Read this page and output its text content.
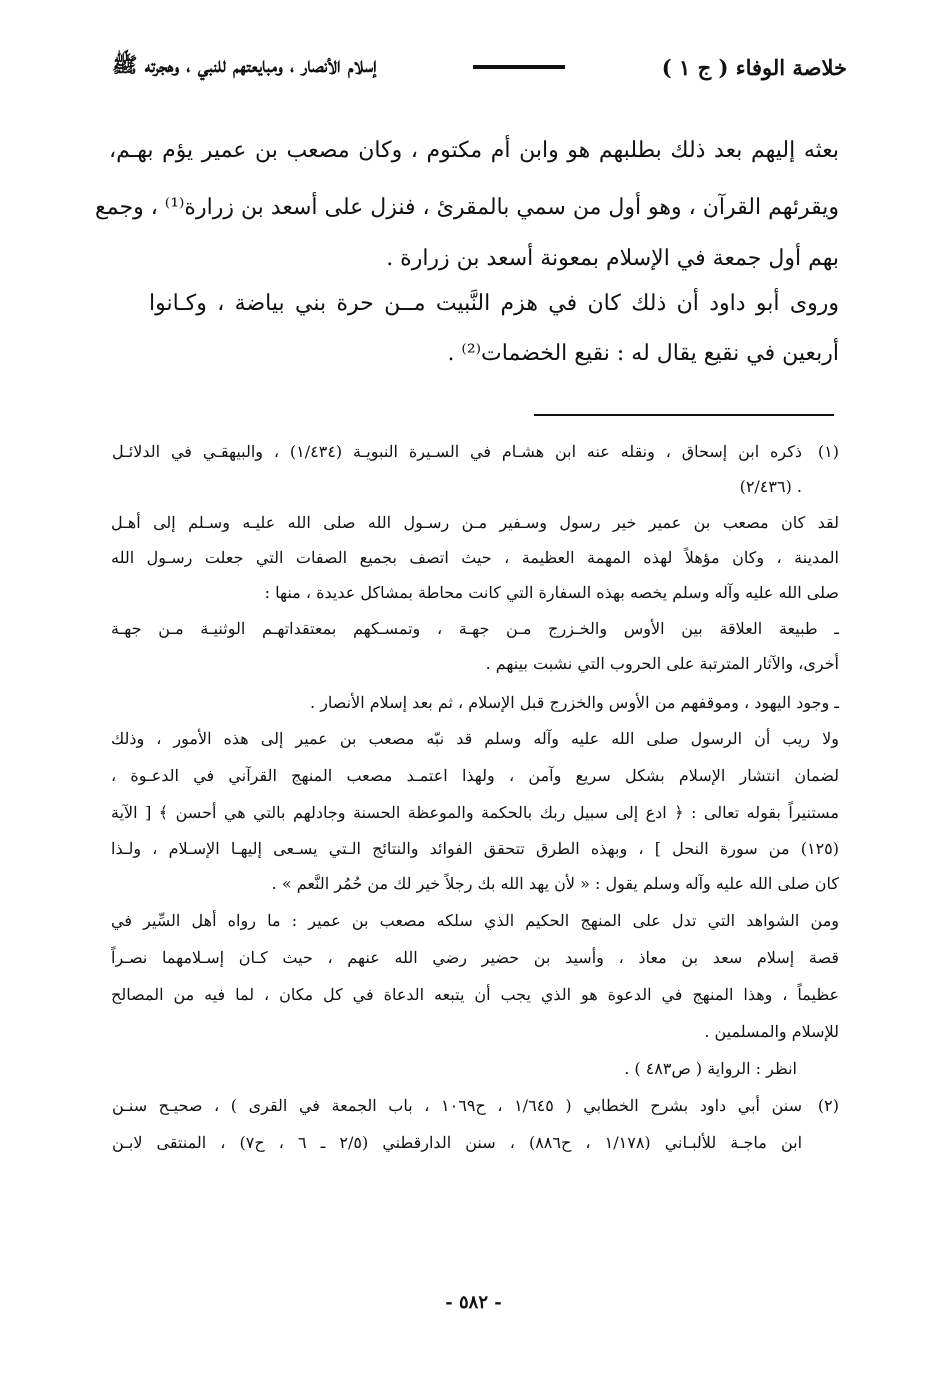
خلاصة الوفاء ( ج ١ )
إسلام الأنصار ، ومبايعتهم للنبي ، وهجرته ﷺ
بعثه إليهم بعد ذلك بطلبهم هو وابن أم مكتوم ، وكان مصعب بن عمير يؤم بهـم،
ويقرئهم القرآن ، وهو أول من سمي بالمقرئ ، فنزل على أسعد بن زرارة⁽¹⁾ ، وجمع
بهم أول جمعة في الإسلام بمعونة أسعد بن زرارة .
وروى أبو داود أن ذلك كان في هزم النَّبيت مــن حرة بني بياضة ، وكـانوا
أربعين في نقيع يقال له : نقيع الخضمات⁽²⁾ .
(١)
ذكره ابن إسحاق ، ونقله عنه ابن هشـام في السـيرة النبويـة (١/٤٣٤) ، والبيهقـي في الدلائـل
(٢/٤٣٦) .
لقد كان مصعب بن عمير خير رسول وسـفير مـن رسـول الله صلى الله عليـه وسـلم إلى أهـل
المدينة ، وكان مؤهلاً لهذه المهمة العظيمة ، حيث اتصف بجميع الصفات التي جعلت رسـول الله
صلى الله عليه وآله وسلم يخصه بهذه السفارة التي كانت محاطة بمشاكل عديدة ، منها :
ـ طبيعة العلاقة بين الأوس والخـزرج مـن جهـة ، وتمسـكهم بمعتقداتهـم الوثنيـة مـن جهـة
أخرى، والآثار المترتبة على الحروب التي نشبت بينهم .
ـ وجود اليهود ، وموقفهم من الأوس والخزرج قبل الإسلام ، ثم بعد إسلام الأنصار .
ولا ريب أن الرسول صلى الله عليه وآله وسلم قد نبّه مصعب بن عمير إلى هذه الأمور ، وذلك
لضمان انتشار الإسلام بشكل سريع وآمن ، ولهذا اعتمـد مصعب المنهج القرآني في الدعـوة ،
مستنيراً بقوله تعالى : ﴿ ادع إلى سبيل ربك بالحكمة والموعظة الحسنة وجادلهم بالتي هي أحسن ﴾ [ الآية
(١٢٥) من سورة النحل ] ، وبهذه الطرق تتحقق الفوائد والنتائج الـتي يسـعى إليهـا الإسـلام ، ولـذا
كان صلى الله عليه وآله وسلم يقول : « لأن يهد الله بك رجلاً خير لك من حُمُر النَّعم » .
ومن الشواهد التي تدل على المنهج الحكيم الذي سلكه مصعب بن عمير : ما رواه أهل السِّير في
قصة إسلام سعد بن معاذ ، وأسيد بن حضير رضي الله عنهم ، حيث كـان إسـلامهما نصـراً
عظيماً ، وهذا المنهج في الدعوة هو الذي يجب أن يتبعه الدعاة في كل مكان ، لما فيه من المصالح
للإسلام والمسلمين .
انظر : الرواية ( ص٤٨٣ ) .
(٢)
سنن أبي داود بشرح الخطابي ( ١/٦٤٥ ، ح١٠٦٩ ، باب الجمعة في القرى ) ، صحيـح سنـن
ابن ماجـة للألبـاني (١/١٧٨ ، ح٨٨٦) ، سنن الدارقطني (٢/٥ ـ ٦ ، ح٧) ، المنتقى لابـن
- ٥٨٢ -
